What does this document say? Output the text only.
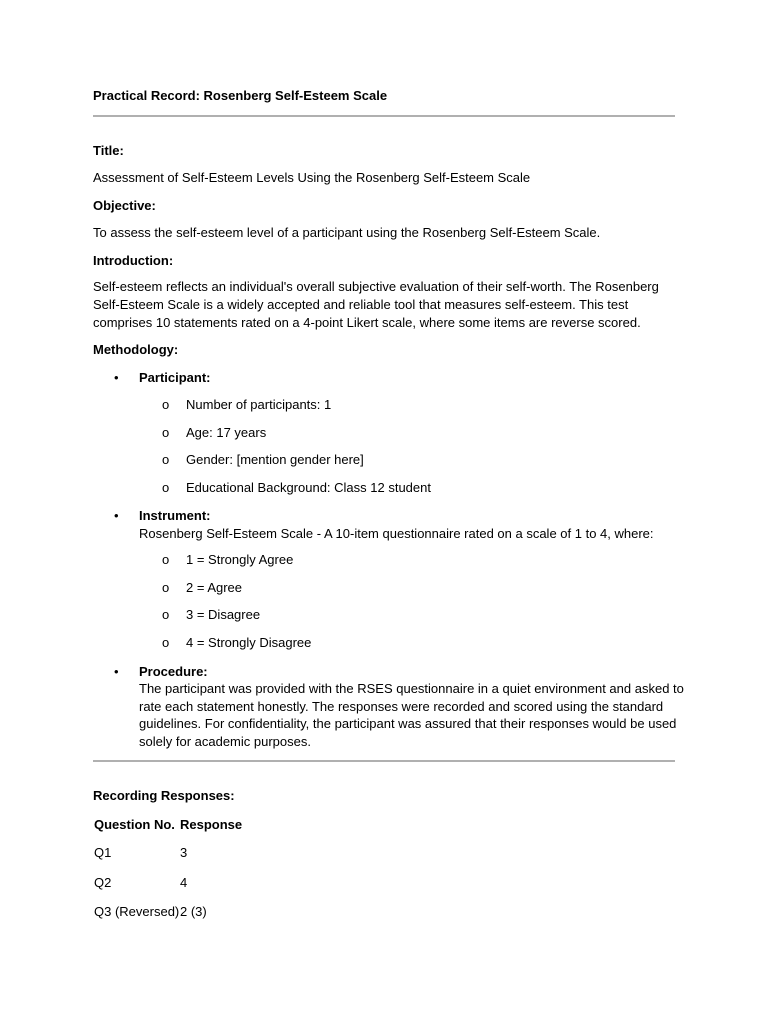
Practical Record: Rosenberg Self-Esteem Scale
Title:
Assessment of Self-Esteem Levels Using the Rosenberg Self-Esteem Scale
Objective:
To assess the self-esteem level of a participant using the Rosenberg Self-Esteem Scale.
Introduction:
Self-esteem reflects an individual's overall subjective evaluation of their self-worth. The Rosenberg Self-Esteem Scale is a widely accepted and reliable tool that measures self-esteem. This test comprises 10 statements rated on a 4-point Likert scale, where some items are reverse scored.
Methodology:
• Participant:
o Number of participants: 1
o Age: 17 years
o Gender: [mention gender here]
o Educational Background: Class 12 student
• Instrument:
Rosenberg Self-Esteem Scale - A 10-item questionnaire rated on a scale of 1 to 4, where:
o 1 = Strongly Agree
o 2 = Agree
o 3 = Disagree
o 4 = Strongly Disagree
• Procedure:
The participant was provided with the RSES questionnaire in a quiet environment and asked to rate each statement honestly. The responses were recorded and scored using the standard guidelines. For confidentiality, the participant was assured that their responses would be used solely for academic purposes.
Recording Responses:
Question No. Response
Q1	3
Q2	4
Q3 (Reversed) 2 (3)
